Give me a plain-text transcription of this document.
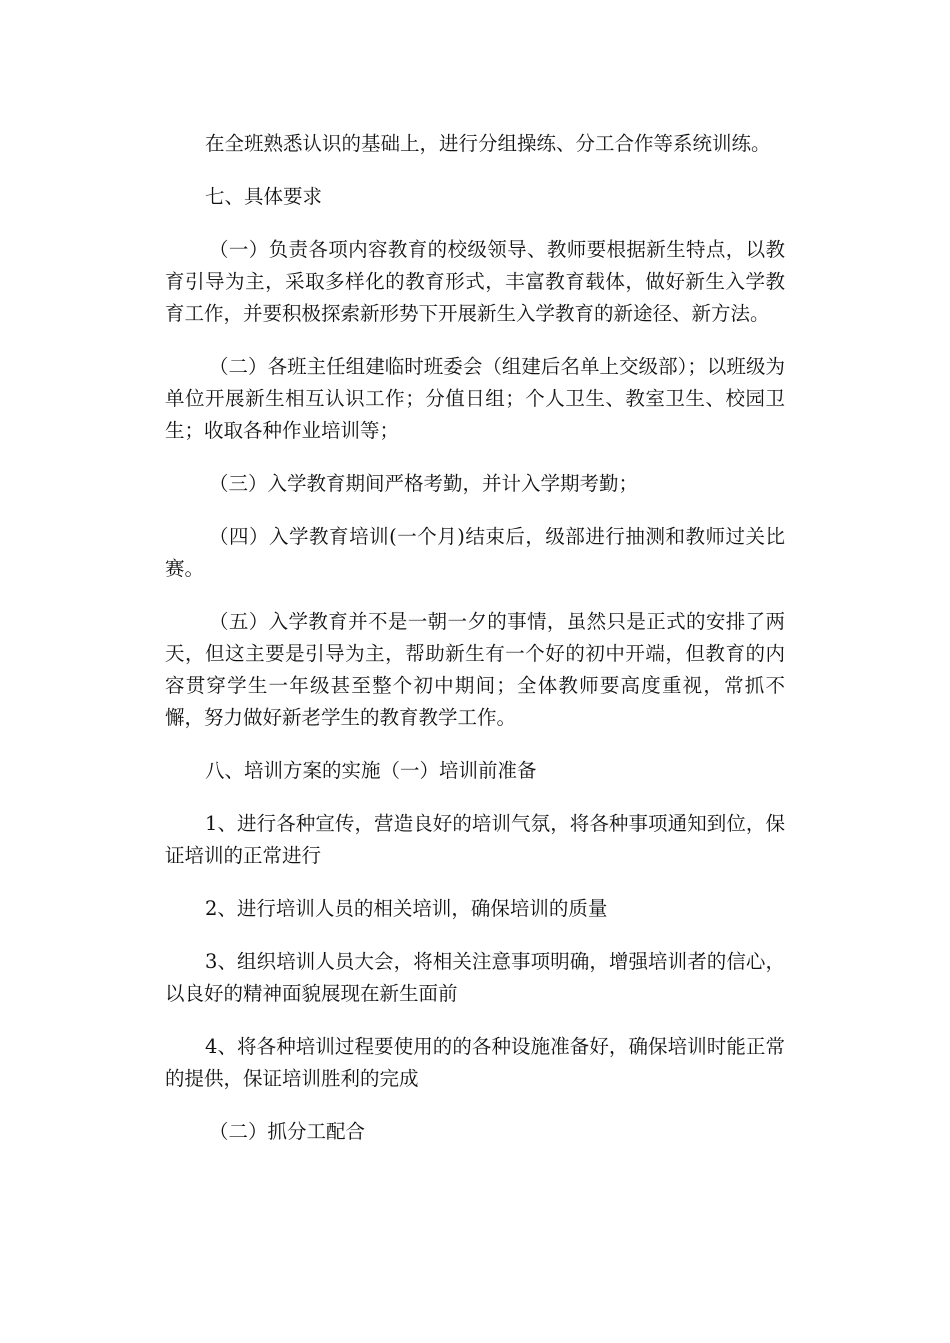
在全班熟悉认识的基础上，进行分组操练、分工合作等系统训练。

七、具体要求

（一）负责各项内容教育的校级领导、教师要根据新生特点，以教育引导为主，采取多样化的教育形式，丰富教育载体，做好新生入学教育工作，并要积极探索新形势下开展新生入学教育的新途径、新方法。

（二）各班主任组建临时班委会（组建后名单上交级部）；以班级为单位开展新生相互认识工作；分值日组；个人卫生、教室卫生、校园卫生；收取各种作业培训等；

（三）入学教育期间严格考勤，并计入学期考勤；

（四）入学教育培训(一个月)结束后，级部进行抽测和教师过关比赛。

（五）入学教育并不是一朝一夕的事情，虽然只是正式的安排了两天，但这主要是引导为主，帮助新生有一个好的初中开端，但教育的内容贯穿学生一年级甚至整个初中期间；全体教师要高度重视，常抓不懈，努力做好新老学生的教育教学工作。

八、培训方案的实施（一）培训前准备

1、进行各种宣传，营造良好的培训气氛，将各种事项通知到位，保证培训的正常进行

2、进行培训人员的相关培训，确保培训的质量

3、组织培训人员大会，将相关注意事项明确，增强培训者的信心，以良好的精神面貌展现在新生面前

4、将各种培训过程要使用的的各种设施准备好，确保培训时能正常的提供，保证培训胜利的完成

（二）抓分工配合
